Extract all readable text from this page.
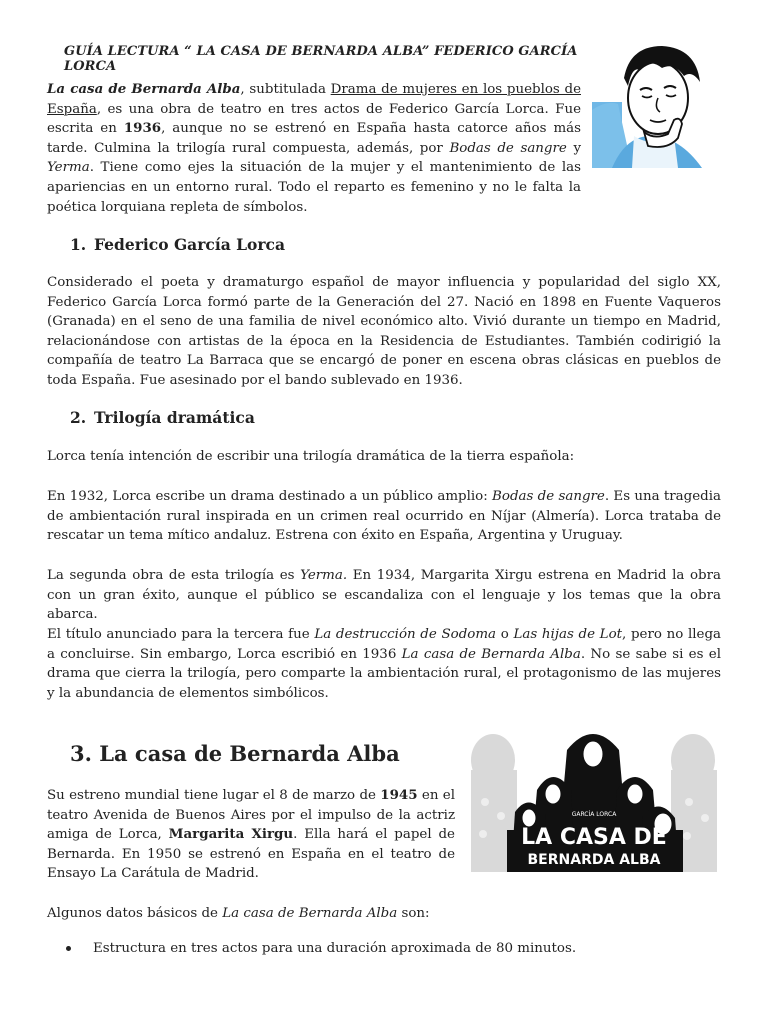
GUÍA LECTURA “ LA CASA DE BERNARDA ALBA” FEDERICO GARCÍA LORCA

La casa de Bernarda Alba, subtitulada Drama de mujeres en los pueblos de España, es una obra de teatro en tres actos de Federico García Lorca. Fue escrita en 1936, aunque no se estrenó en España hasta catorce años más tarde. Culmina la trilogía rural compuesta, además, por Bodas de sangre y Yerma. Tiene como ejes la situación de la mujer y el mantenimiento de las apariencias en un entorno rural. Todo el reparto es femenino y no le falta la poética lorquiana repleta de símbolos.

1. Federico García Lorca

Considerado el poeta y dramaturgo español de mayor influencia y popularidad del siglo XX, Federico García Lorca formó parte de la Generación del 27. Nació en 1898 en Fuente Vaqueros (Granada) en el seno de una familia de nivel económico alto. Vivió durante un tiempo en Madrid, relacionándose con artistas de la época en la Residencia de Estudiantes. También codirigió la compañía de teatro La Barraca que se encargó de poner en escena obras clásicas en pueblos de toda España. Fue asesinado por el bando sublevado en 1936.

2. Trilogía dramática

Lorca tenía intención de escribir una trilogía dramática de la tierra española:

En 1932, Lorca escribe un drama destinado a un público amplio: Bodas de sangre. Es una tragedia de ambientación rural inspirada en un crimen real ocurrido en Níjar (Almería). Lorca trataba de rescatar un tema mítico andaluz. Estrena con éxito en España, Argentina y Uruguay.

La segunda obra de esta trilogía es Yerma. En 1934, Margarita Xirgu estrena en Madrid la obra con un gran éxito, aunque el público se escandaliza con el lenguaje y los temas que la obra abarca.

El título anunciado para la tercera fue La destrucción de Sodoma o Las hijas de Lot, pero no llega a concluirse. Sin embargo, Lorca escribió en 1936 La casa de Bernarda Alba. No se sabe si es el drama que cierra la trilogía, pero comparte la ambientación rural, el protagonismo de las mujeres y la abundancia de elementos simbólicos.

3. La casa de Bernarda Alba
GARCÍA LORCA
LA CASA DE
BERNARDA ALBA

Su estreno mundial tiene lugar el 8 de marzo de 1945 en el teatro Avenida de Buenos Aires por el impulso de la actriz amiga de Lorca, Margarita Xirgu. Ella hará el papel de Bernarda. En 1950 se estrenó en España en el teatro de Ensayo La Carátula de Madrid.

Algunos datos básicos de La casa de Bernarda Alba son:

Estructura en tres actos para una duración aproximada de 80 minutos.
